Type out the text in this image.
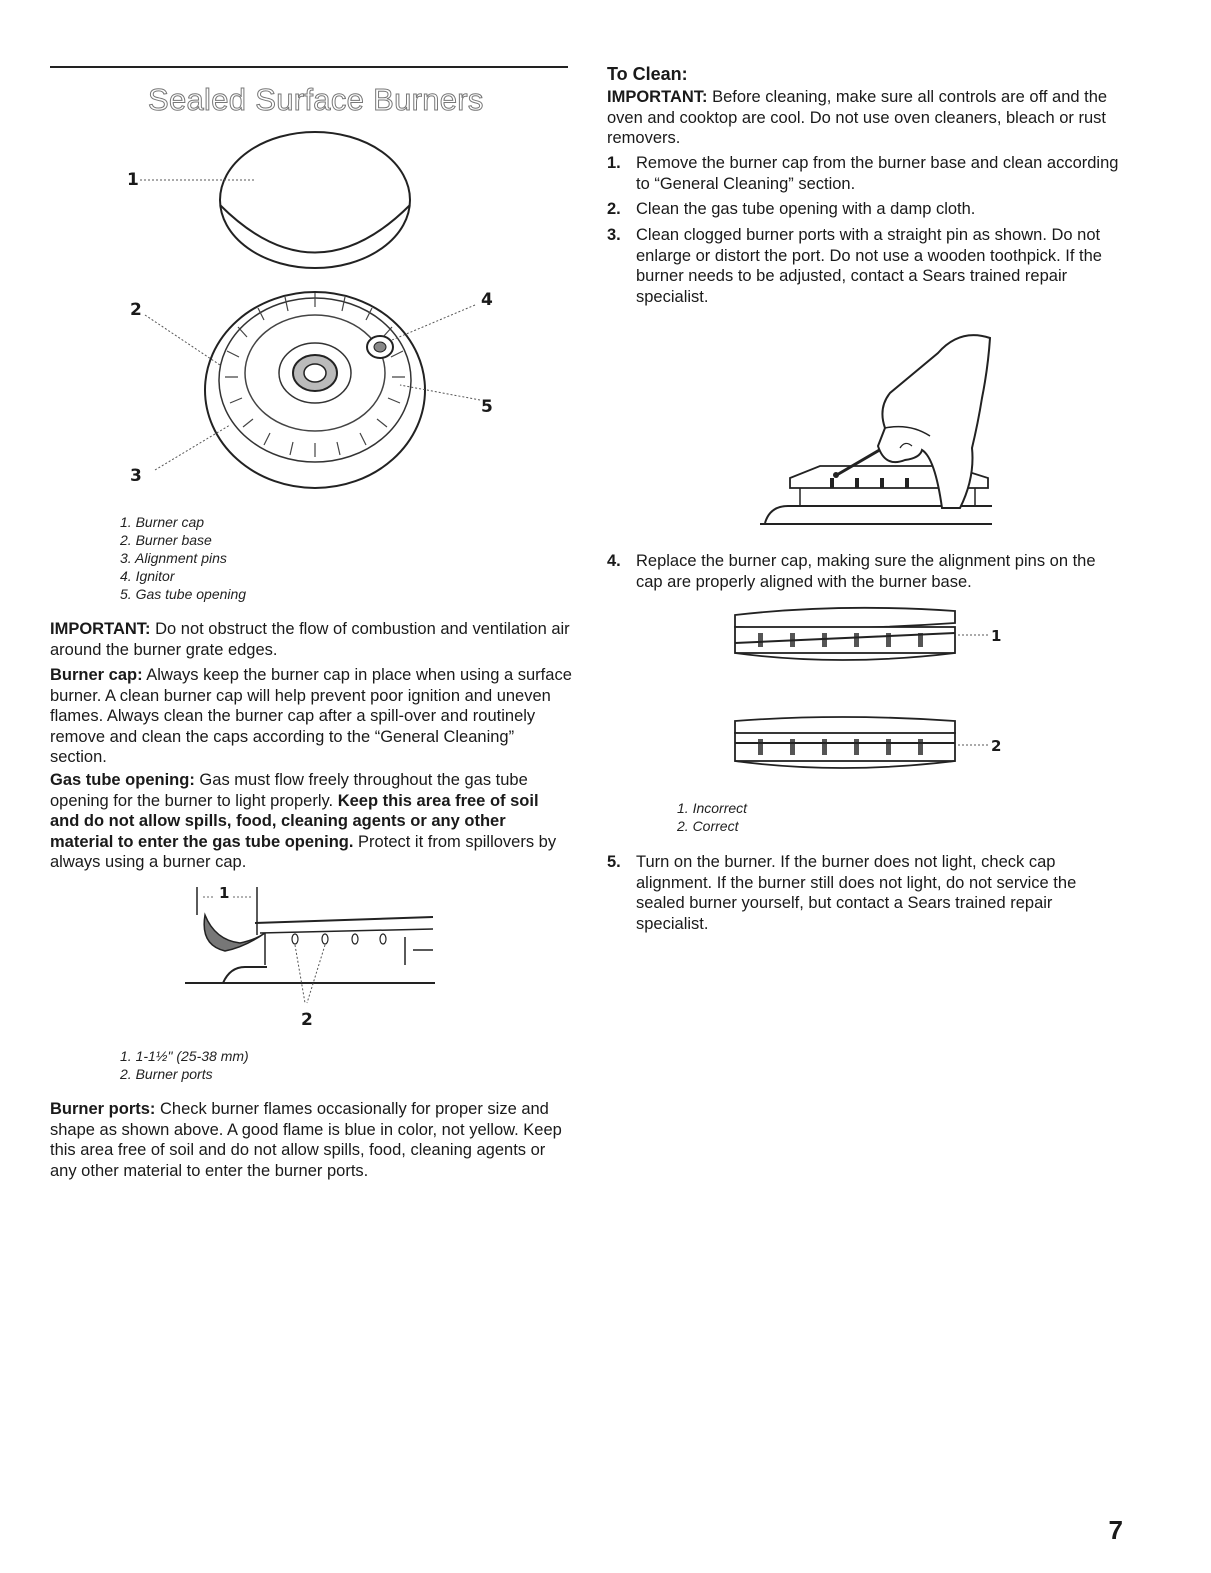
Sealed Surface Burners
1
2
3
4
5
1. Burner cap
2. Burner base
3. Alignment pins
4. Ignitor
5. Gas tube opening
IMPORTANT: Do not obstruct the flow of combustion and ventilation air around the burner grate edges.
Burner cap: Always keep the burner cap in place when using a surface burner. A clean burner cap will help prevent poor ignition and uneven flames. Always clean the burner cap after a spill-over and routinely remove and clean the caps according to the “General Cleaning” section.
Gas tube opening: Gas must flow freely throughout the gas tube opening for the burner to light properly. Keep this area free of soil and do not allow spills, food, cleaning agents or any other material to enter the gas tube opening. Protect it from spillovers by always using a burner cap.
1
2
1. 1-1½" (25-38 mm)
2. Burner ports
Burner ports: Check burner flames occasionally for proper size and shape as shown above. A good flame is blue in color, not yellow. Keep this area free of soil and do not allow spills, food, cleaning agents or any other material to enter the burner ports.
To Clean:
IMPORTANT: Before cleaning, make sure all controls are off and the oven and cooktop are cool. Do not use oven cleaners, bleach or rust removers.
1. Remove the burner cap from the burner base and clean according to “General Cleaning” section.
2. Clean the gas tube opening with a damp cloth.
3. Clean clogged burner ports with a straight pin as shown. Do not enlarge or distort the port. Do not use a wooden toothpick. If the burner needs to be adjusted, contact a Sears trained repair specialist.
4. Replace the burner cap, making sure the alignment pins on the cap are properly aligned with the burner base.
1
2
1. Incorrect
2. Correct
5. Turn on the burner. If the burner does not light, check cap alignment. If the burner still does not light, do not service the sealed burner yourself, but contact a Sears trained repair specialist.
7
